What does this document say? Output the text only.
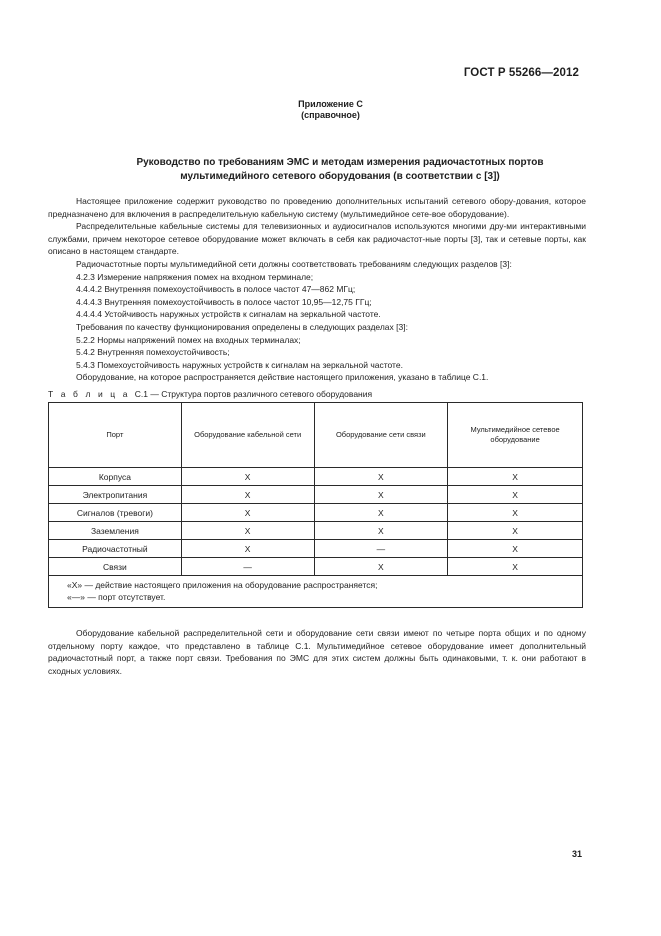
ГОСТ Р 55266—2012
Приложение С
(справочное)
Руководство по требованиям ЭМС и методам измерения радиочастотных портов
мультимедийного сетевого оборудования (в соответствии с [3])

Настоящее приложение содержит руководство по проведению дополнительных испытаний сетевого обору-дования, которое предназначено для включения в распределительную кабельную систему (мультимедийное сете-вое оборудование).

Распределительные кабельные системы для телевизионных и аудиосигналов используются многими дру-ми интерактивными службами, причем некоторое сетевое оборудование может включать в себя как радиочастот-ные порты [3], так и сетевые порты, как описано в настоящем стандарте.

Радиочастотные порты мультимедийной сети должны соответствовать требованиям следующих разделов [3]:

4.2.3 Измерение напряжения помех на входном терминале;

4.4.4.2 Внутренняя помехоустойчивость в полосе частот 47—862 МГц;

4.4.4.3 Внутренняя помехоустойчивость в полосе частот 10,95—12,75 ГГц;

4.4.4.4 Устойчивость наружных устройств к сигналам на зеркальной частоте.

Требования по качеству функционирования определены в следующих разделах [3]:

5.2.2 Нормы напряжений помех на входных терминалах;

5.4.2 Внутренняя помехоустойчивость;

5.4.3 Помехоустойчивость наружных устройств к сигналам на зеркальной частоте.

Оборудование, на которое распространяется действие настоящего приложения, указано в таблице С.1.

Т а б л и ц а С.1 — Структура портов различного сетевого оборудования
Порт	Оборудование кабельной сети	Оборудование сети связи	Мультимедийное сетевое оборудование
Корпуса	X	X	X
Электропитания	X	X	X
Сигналов (тревоги)	X	X	X
Заземления	X	X	X
Радиочастотный	X	—	X
Связи	—	X	X

«X» — действие настоящего приложения на оборудование распространяется;
«—» — порт отсутствует.			

Оборудование кабельной распределительной сети и оборудование сети связи имеют по четыре порта общих и по одному отдельному порту каждое, что представлено в таблице С.1. Мультимедийное сетевое оборудование имеет дополнительный радиочастотный порт, а также порт связи. Требования по ЭМС для этих систем должны быть одинаковыми, т. к. они работают в сходных условиях.

31
